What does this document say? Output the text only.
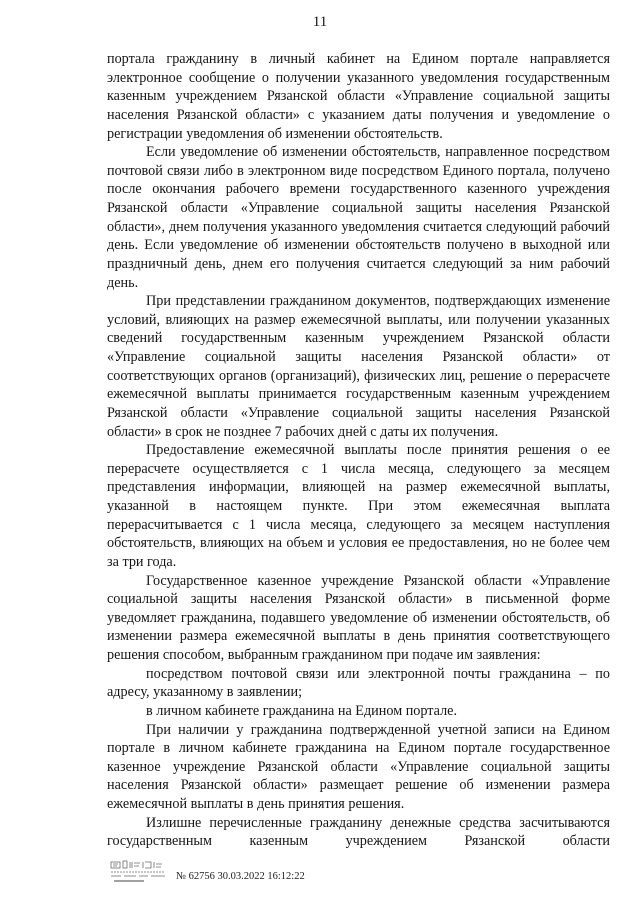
11

портала гражданину в личный кабинет на Едином портале направляется электронное сообщение о получении указанного уведомления государственным казенным учреждением Рязанской области «Управление социальной защиты населения Рязанской области» с указанием даты получения и уведомление о регистрации уведомления об изменении обстоятельств.

Если уведомление об изменении обстоятельств, направленное посредством почтовой связи либо в электронном виде посредством Единого портала, получено после окончания рабочего времени государственного казенного учреждения Рязанской области «Управление социальной защиты населения Рязанской области», днем получения указанного уведомления считается следующий рабочий день. Если уведомление об изменении обстоятельств получено в выходной или праздничный день, днем его получения считается следующий за ним рабочий день.

При представлении гражданином документов, подтверждающих изменение условий, влияющих на размер ежемесячной выплаты, или получении указанных сведений государственным казенным учреждением Рязанской области «Управление социальной защиты населения Рязанской области» от соответствующих органов (организаций), физических лиц, решение о перерасчете ежемесячной выплаты принимается государственным казенным учреждением Рязанской области «Управление социальной защиты населения Рязанской области» в срок не позднее 7 рабочих дней с даты их получения.

Предоставление ежемесячной выплаты после принятия решения о ее перерасчете осуществляется с 1 числа месяца, следующего за месяцем представления информации, влияющей на размер ежемесячной выплаты, указанной в настоящем пункте. При этом ежемесячная выплата перерасчитывается с 1 числа месяца, следующего за месяцем наступления обстоятельств, влияющих на объем и условия ее предоставления, но не более чем за три года.

Государственное казенное учреждение Рязанской области «Управление социальной защиты населения Рязанской области» в письменной форме уведомляет гражданина, подавшего уведомление об изменении обстоятельств, об изменении размера ежемесячной выплаты в день принятия соответствующего решения способом, выбранным гражданином при подаче им заявления:

посредством почтовой связи или электронной почты гражданина – по адресу, указанному в заявлении;

в личном кабинете гражданина на Едином портале.

При наличии у гражданина подтвержденной учетной записи на Едином портале в личном кабинете гражданина на Едином портале государственное казенное учреждение Рязанской области «Управление социальной защиты населения Рязанской области» размещает решение об изменении размера ежемесячной выплаты в день принятия решения.

Излишне перечисленные гражданину денежные средства засчитываются государственным казенным учреждением Рязанской области

№ 62756 30.03.2022 16:12:22
